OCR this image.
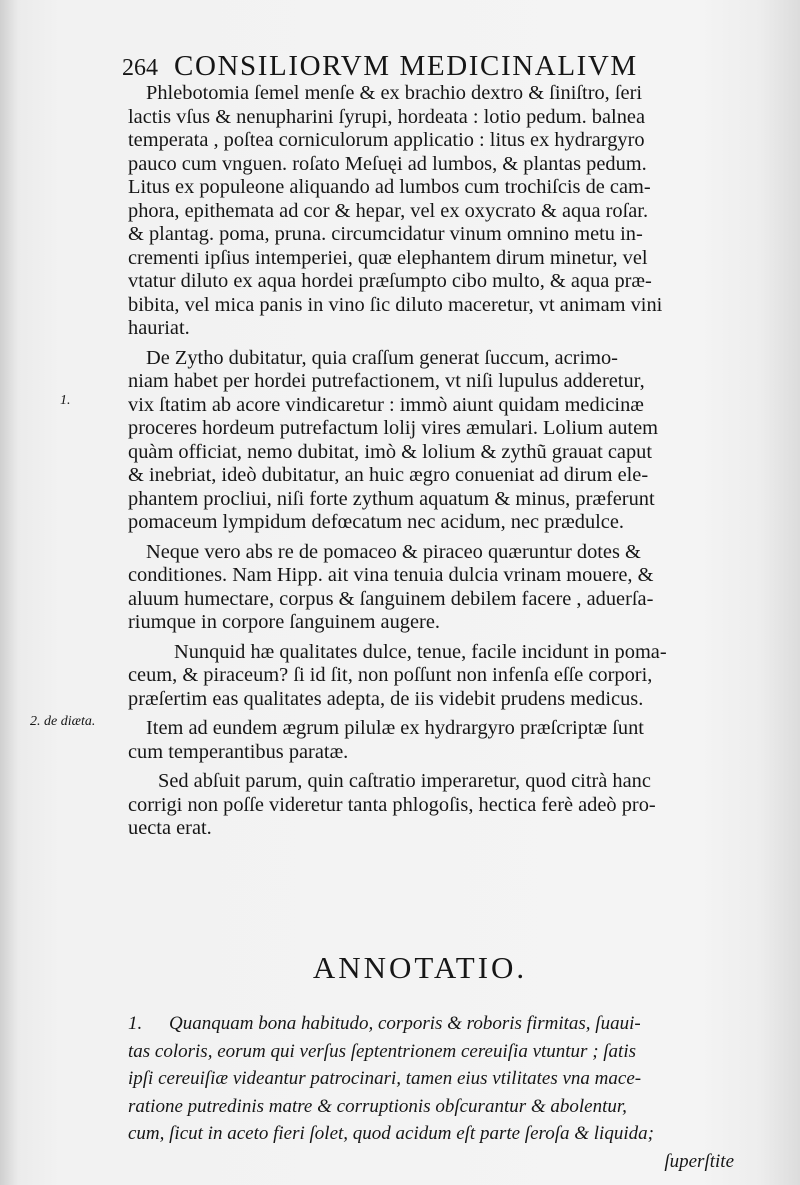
264 CONSILIORVM MEDICINALIVM
1.
2. de diæta.
Phlebotomia ſemel menſe & ex brachio dextro & ſiniſtro, ſeri
lactis vſus & nenupharini ſyrupi, hordeata : lotio pedum. balnea
temperata , poſtea corniculorum applicatio : litus ex hydrargyro
pauco cum vnguen. roſato Meſuęi ad lumbos, & plantas pedum.
Litus ex populeone aliquando ad lumbos cum trochiſcis de cam-
phora, epithemata ad cor & hepar, vel ex oxycrato & aqua roſar.
& plantag. poma, pruna. circumcidatur vinum omnino metu in-
crementi ipſius intemperiei, quæ elephantem dirum minetur, vel
vtatur diluto ex aqua hordei præſumpto cibo multo, & aqua præ-
bibita, vel mica panis in vino ſic diluto maceretur, vt animam vini
hauriat.
De Zytho dubitatur, quia craſſum generat ſuccum, acrimo-
niam habet per hordei putrefactionem, vt niſi lupulus adderetur,
vix ſtatim ab acore vindicaretur : immò aiunt quidam medicinæ
proceres hordeum putrefactum lolij vires æmulari. Lolium autem
quàm officiat, nemo dubitat, imò & lolium & zythũ grauat caput
& inebriat, ideò dubitatur, an huic ægro conueniat ad dirum ele-
phantem procliui, niſi forte zythum aquatum & minus, præferunt
pomaceum lympidum defœcatum nec acidum, nec prædulce.
Neque vero abs re de pomaceo & piraceo quæruntur dotes &
conditiones. Nam Hipp. ait vina tenuia dulcia vrinam mouere, &
aluum humectare, corpus & ſanguinem debilem facere , aduerſa-
riumque in corpore ſanguinem augere.
Nunquid hæ qualitates dulce, tenue, facile incidunt in poma-
ceum, & piraceum? ſi id ſit, non poſſunt non infenſa eſſe corpori,
præſertim eas qualitates adepta, de iis videbit prudens medicus.
Item ad eundem ægrum pilulæ ex hydrargyro præſcriptæ ſunt
cum temperantibus paratæ.
Sed abſuit parum, quin caſtratio imperaretur, quod citrà hanc
corrigi non poſſe videretur tanta phlogoſis, hectica ferè adeò pro-
uecta erat.
ANNOTATIO.
1. Quanquam bona habitudo, corporis & roboris firmitas, ſuaui-
tas coloris, eorum qui verſus ſeptentrionem cereuiſia vtuntur ; ſatis
ipſi cereuiſiæ videantur patrocinari, tamen eius vtilitates vna mace-
ratione putredinis matre & corruptionis obſcurantur & abolentur,
cum, ſicut in aceto fieri ſolet, quod acidum eſt parte ſeroſa & liquida;
ſuperſtite
